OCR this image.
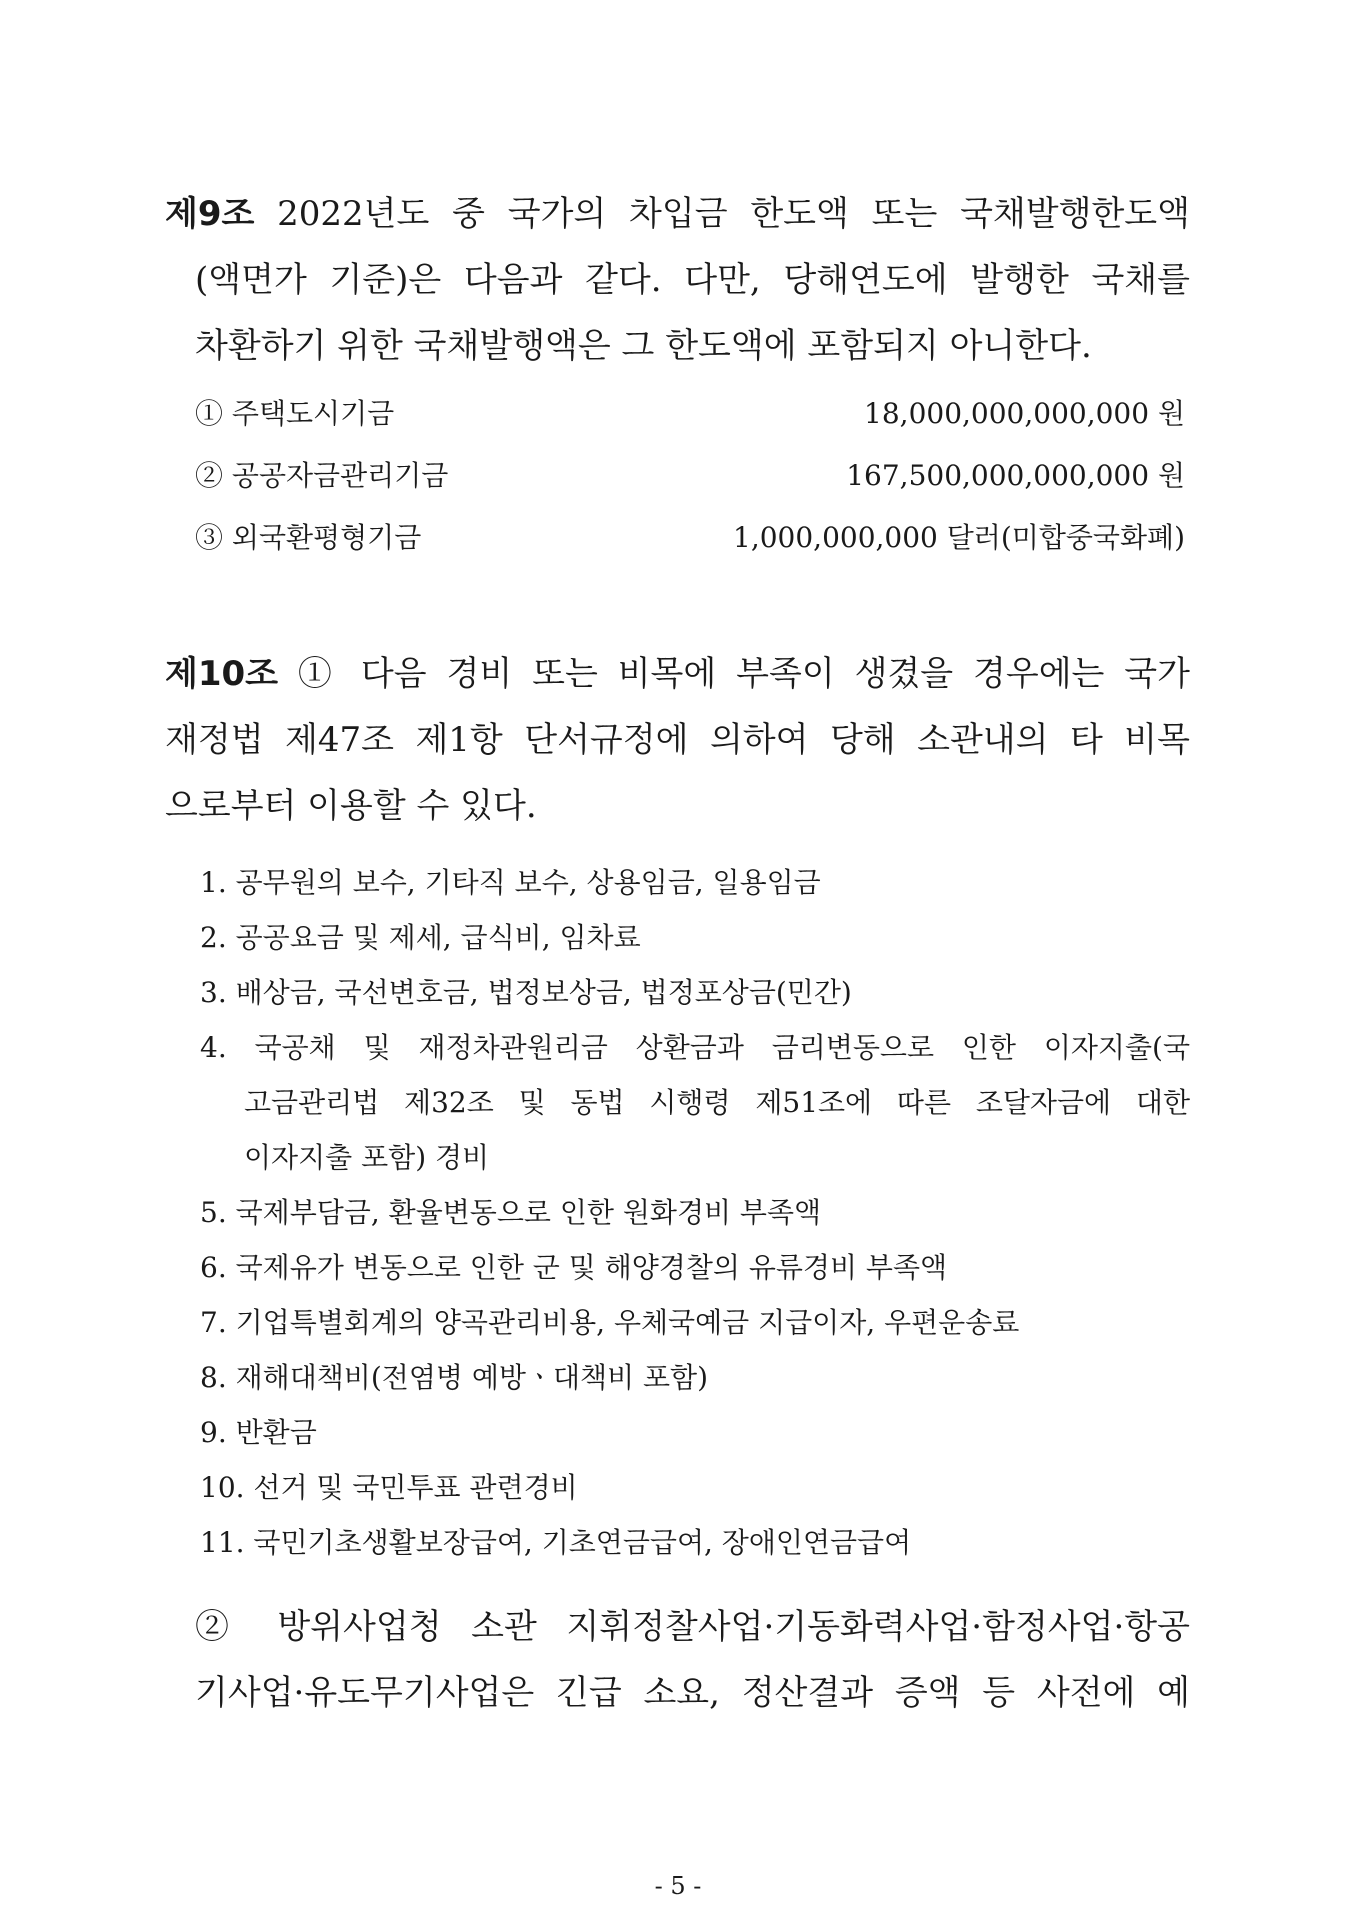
제9조 2022년도 중 국가의 차입금 한도액 또는 국채발행한도액
(액면가 기준)은 다음과 같다. 다만, 당해연도에 발행한 국채를
차환하기 위한 국채발행액은 그 한도액에 포함되지 아니한다.
① 주택도시기금	18,000,000,000,000 원
② 공공자금관리기금	167,500,000,000,000 원
③ 외국환평형기금	1,000,000,000 달러(미합중국화폐)
제10조 ① 다음 경비 또는 비목에 부족이 생겼을 경우에는 국가
재정법 제47조 제1항 단서규정에 의하여 당해 소관내의 타 비목
으로부터 이용할 수 있다.
1. 공무원의 보수, 기타직 보수, 상용임금, 일용임금
2. 공공요금 및 제세, 급식비, 임차료
3. 배상금, 국선변호금, 법정보상금, 법정포상금(민간)
4. 국공채 및 재정차관원리금 상환금과 금리변동으로 인한 이자지출(국
고금관리법 제32조 및 동법 시행령 제51조에 따른 조달자금에 대한
이자지출 포함) 경비
5. 국제부담금, 환율변동으로 인한 원화경비 부족액
6. 국제유가 변동으로 인한 군 및 해양경찰의 유류경비 부족액
7. 기업특별회계의 양곡관리비용, 우체국예금 지급이자, 우편운송료
8. 재해대책비(전염병 예방ㆍ대책비 포함)
9. 반환금
10. 선거 및 국민투표 관련경비
11. 국민기초생활보장급여, 기초연금급여, 장애인연금급여
② 방위사업청 소관 지휘정찰사업·기동화력사업·함정사업·항공
기사업·유도무기사업은 긴급 소요, 정산결과 증액 등 사전에 예
- 5 -
